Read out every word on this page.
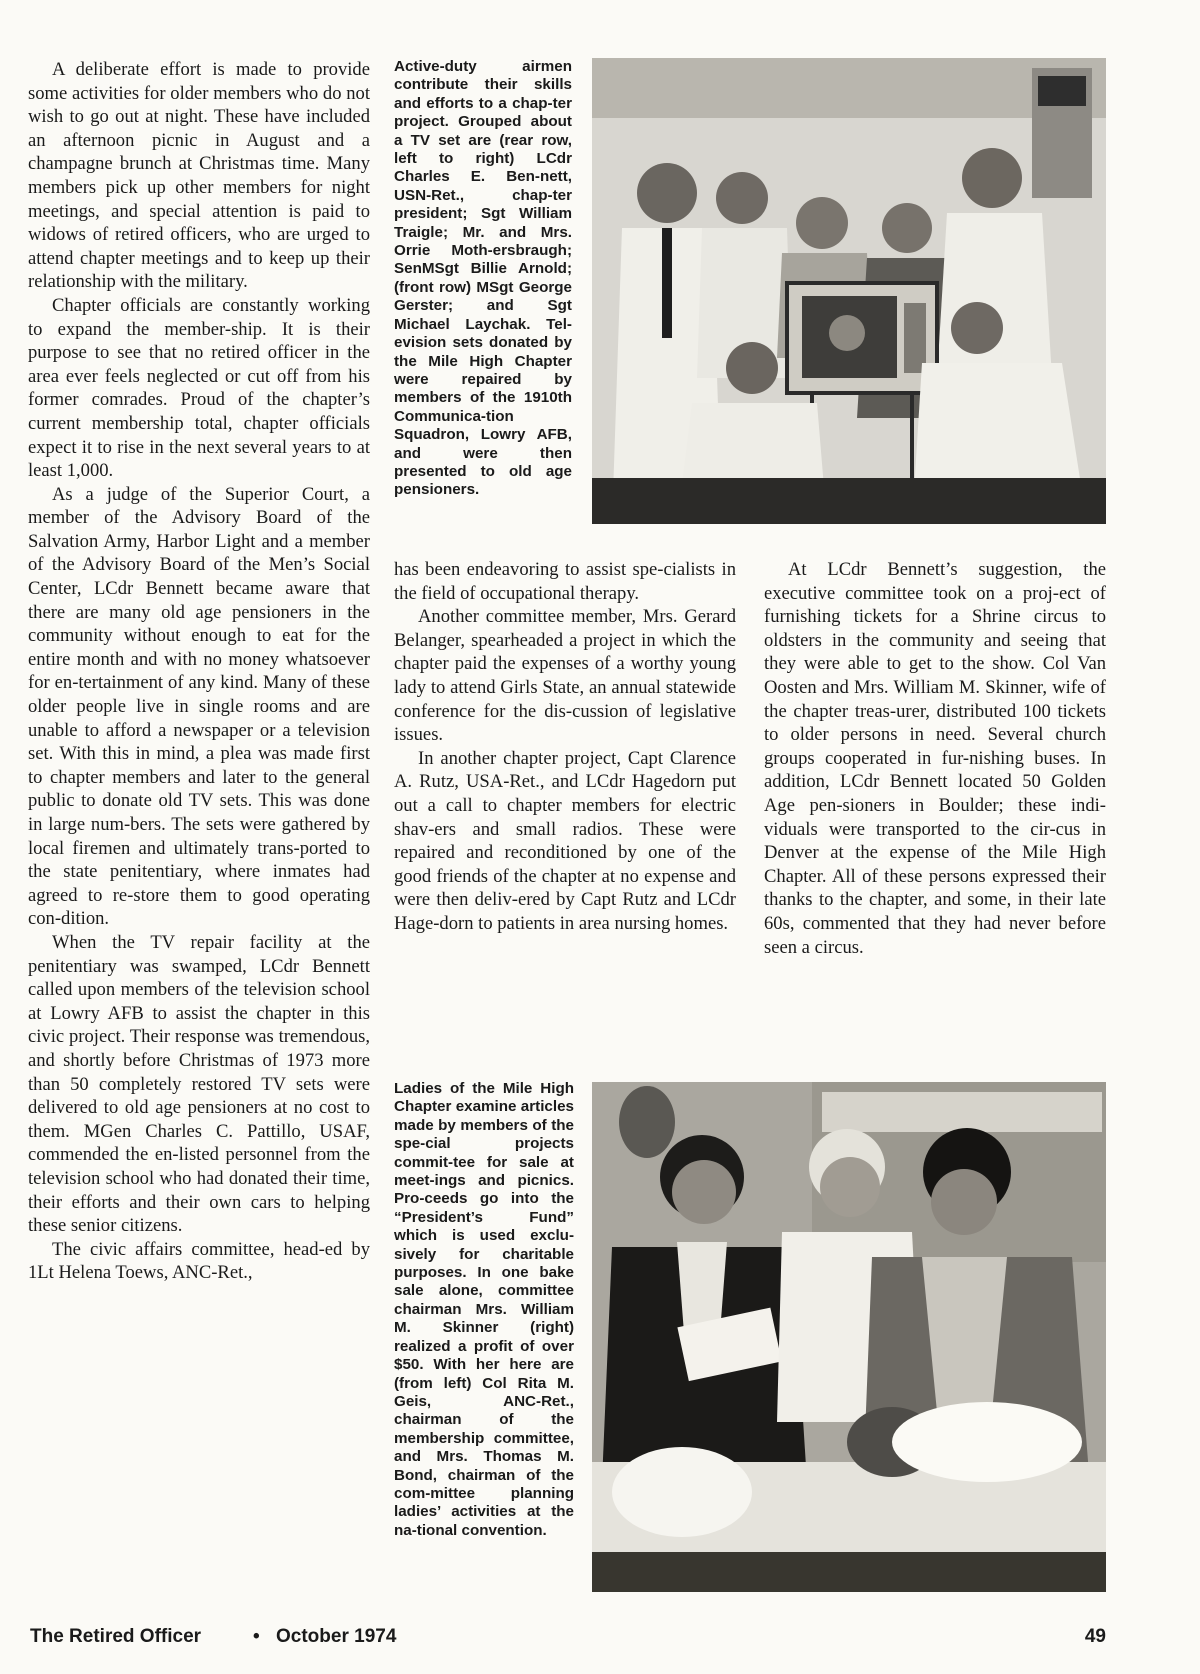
A deliberate effort is made to provide some activities for older members who do not wish to go out at night. These have included an afternoon picnic in August and a champagne brunch at Christmas time. Many members pick up other members for night meetings, and special attention is paid to widows of retired officers, who are urged to attend chapter meetings and to keep up their relationship with the military.

Chapter officials are constantly working to expand the member-ship. It is their purpose to see that no retired officer in the area ever feels neglected or cut off from his former comrades. Proud of the chapter’s current membership total, chapter officials expect it to rise in the next several years to at least 1,000.

As a judge of the Superior Court, a member of the Advisory Board of the Salvation Army, Harbor Light and a member of the Advisory Board of the Men’s Social Center, LCdr Bennett became aware that there are many old age pensioners in the community without enough to eat for the entire month and with no money whatsoever for en-tertainment of any kind. Many of these older people live in single rooms and are unable to afford a newspaper or a television set. With this in mind, a plea was made first to chapter members and later to the general public to donate old TV sets. This was done in large num-bers. The sets were gathered by local firemen and ultimately trans-ported to the state penitentiary, where inmates had agreed to re-store them to good operating con-dition.

When the TV repair facility at the penitentiary was swamped, LCdr Bennett called upon members of the television school at Lowry AFB to assist the chapter in this civic project. Their response was tremendous, and shortly before Christmas of 1973 more than 50 completely restored TV sets were delivered to old age pensioners at no cost to them. MGen Charles C. Pattillo, USAF, commended the en-listed personnel from the television school who had donated their time, their efforts and their own cars to helping these senior citizens.

The civic affairs committee, head-ed by 1Lt Helena Toews, ANC-Ret.,

Active-duty airmen contribute their skills and efforts to a chap-ter project. Grouped about a TV set are (rear row, left to right) LCdr Charles E. Ben-nett, USN-Ret., chap-ter president; Sgt William Traigle; Mr. and Mrs. Orrie Moth-ersbraugh; SenMSgt Billie Arnold; (front row) MSgt George Gerster; and Sgt Michael Laychak. Tel-evision sets donated by the Mile High Chapter were repaired by members of the 1910th Communica-tion Squadron, Lowry AFB, and were then presented to old age pensioners.

has been endeavoring to assist spe-cialists in the field of occupational therapy.

Another committee member, Mrs. Gerard Belanger, spearheaded a project in which the chapter paid the expenses of a worthy young lady to attend Girls State, an annual statewide conference for the dis-cussion of legislative issues.

In another chapter project, Capt Clarence A. Rutz, USA-Ret., and LCdr Hagedorn put out a call to chapter members for electric shav-ers and small radios. These were repaired and reconditioned by one of the good friends of the chapter at no expense and were then deliv-ered by Capt Rutz and LCdr Hage-dorn to patients in area nursing homes.

At LCdr Bennett’s suggestion, the executive committee took on a proj-ect of furnishing tickets for a Shrine circus to oldsters in the community and seeing that they were able to get to the show. Col Van Oosten and Mrs. William M. Skinner, wife of the chapter treas-urer, distributed 100 tickets to older persons in need. Several church groups cooperated in fur-nishing buses. In addition, LCdr Bennett located 50 Golden Age pen-sioners in Boulder; these indi-viduals were transported to the cir-cus in Denver at the expense of the Mile High Chapter. All of these persons expressed their thanks to the chapter, and some, in their late 60s, commented that they had never before seen a circus.

Ladies of the Mile High Chapter examine articles made by members of the spe-cial projects commit-tee for sale at meet-ings and picnics. Pro-ceeds go into the “President’s Fund” which is used exclu-sively for charitable purposes. In one bake sale alone, committee chairman Mrs. William M. Skinner (right) realized a profit of over $50. With her here are (from left) Col Rita M. Geis, ANC-Ret., chairman of the membership committee, and Mrs. Thomas M. Bond, chairman of the com-mittee planning ladies’ activities at the na-tional convention.
The Retired Officer	• October 1974	49
